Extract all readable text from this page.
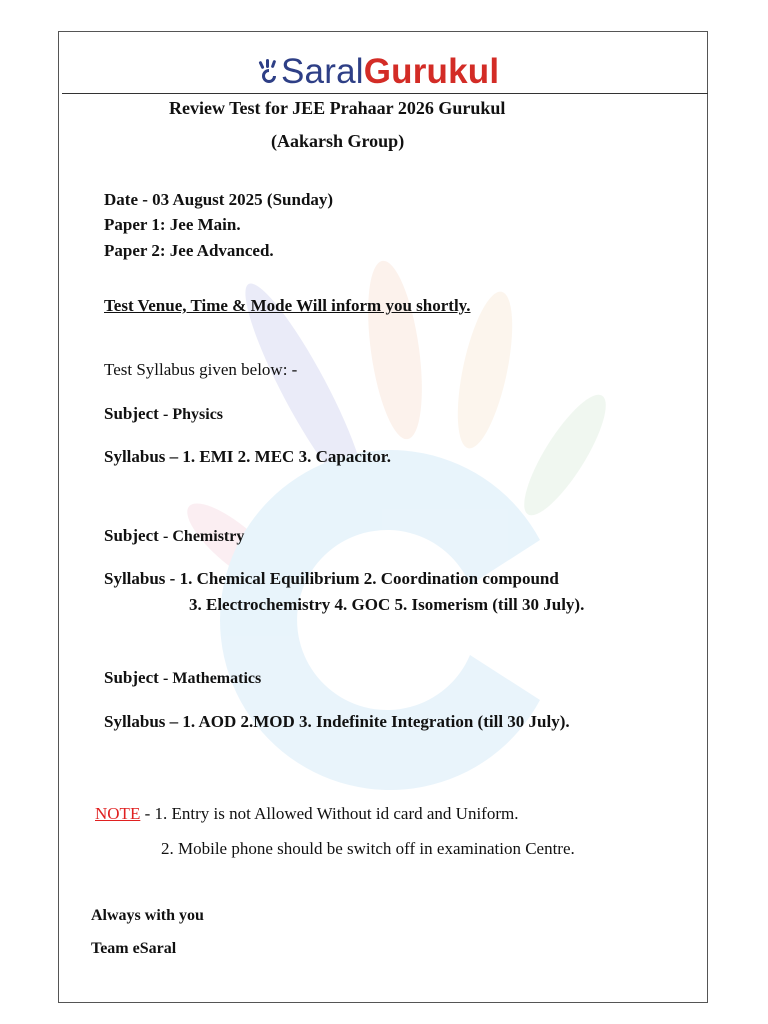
SaralGurukul
Review Test for JEE Prahaar 2026 Gurukul
(Aakarsh Group)
Date - 03 August 2025 (Sunday)
Paper 1: Jee Main.
Paper 2: Jee Advanced.
Test Venue, Time & Mode Will inform you shortly.
Test Syllabus given below: -
Subject - Physics
Syllabus – 1. EMI 2. MEC 3. Capacitor.
Subject - Chemistry
Syllabus - 1. Chemical Equilibrium 2. Coordination compound
3. Electrochemistry 4. GOC 5. Isomerism (till 30 July).
Subject - Mathematics
Syllabus – 1. AOD 2.MOD 3. Indefinite Integration (till 30 July).
NOTE - 1. Entry is not Allowed Without id card and Uniform.
2. Mobile phone should be switch off in examination Centre.
Always with you
Team eSaral
